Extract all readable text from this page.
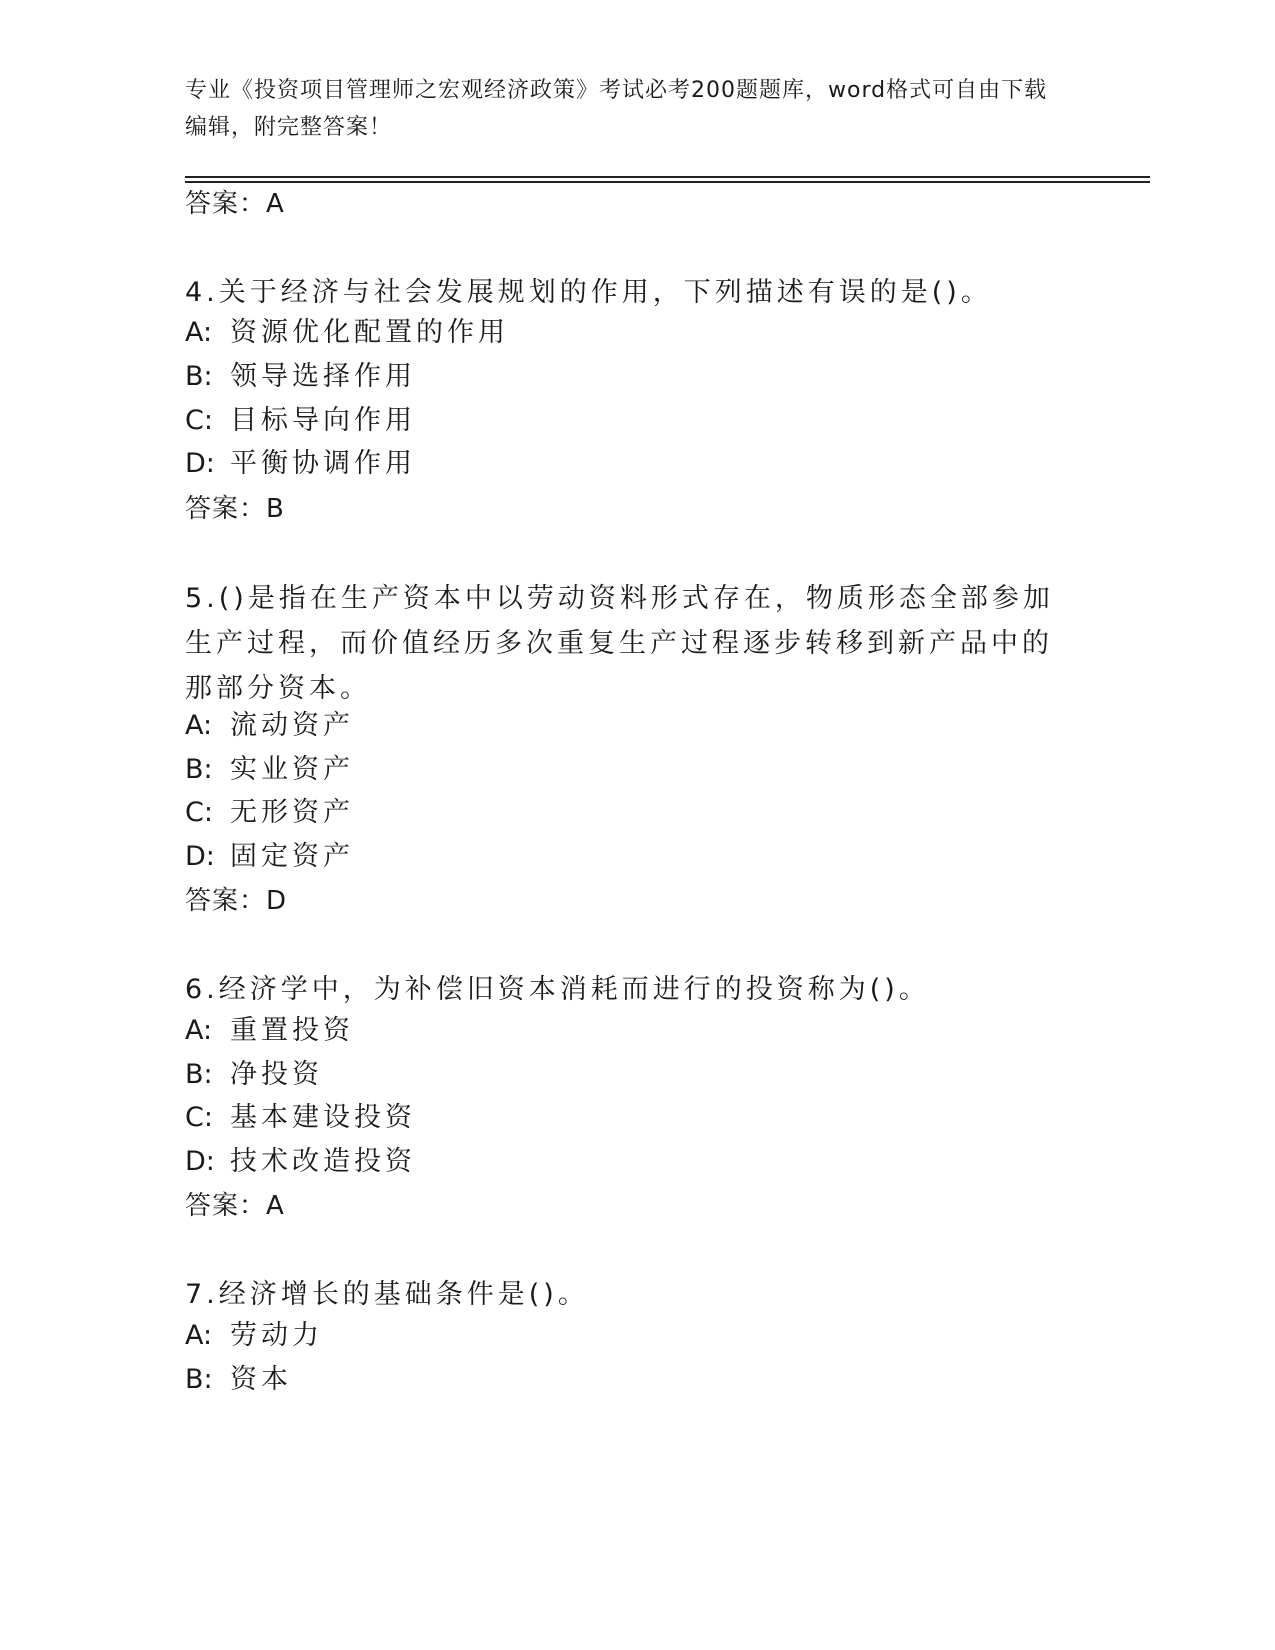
专业《投资项目管理师之宏观经济政策》考试必考200题题库，word格式可自由下载编辑，附完整答案！
答案：A
4.关于经济与社会发展规划的作用，下列描述有误的是()。
A: 资源优化配置的作用
B: 领导选择作用
C: 目标导向作用
D: 平衡协调作用
答案：B
5.()是指在生产资本中以劳动资料形式存在，物质形态全部参加生产过程，而价值经历多次重复生产过程逐步转移到新产品中的那部分资本。
A: 流动资产
B: 实业资产
C: 无形资产
D: 固定资产
答案：D
6.经济学中，为补偿旧资本消耗而进行的投资称为()。
A: 重置投资
B: 净投资
C: 基本建设投资
D: 技术改造投资
答案：A
7.经济增长的基础条件是()。
A: 劳动力
B: 资本
